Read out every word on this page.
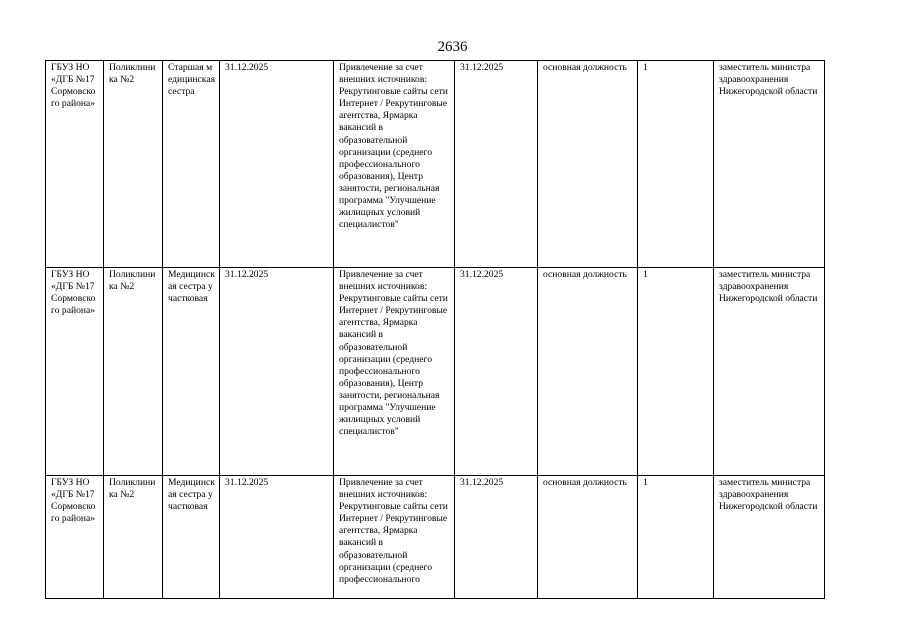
2636
ГБУЗ НО «ДГБ №17 Сормовского района»	Поликлиника №2	Старшая медицинская сестра	31.12.2025	Привлечение за счет внешних источников: Рекрутинговые сайты сети Интернет / Рекрутинговые агентства, Ярмарка вакансий в образовательной организации (среднего профессионального образования), Центр занятости, региональная программа "Улучшение жилищных условий специалистов"	31.12.2025	основная должность	1	заместитель министра здравоохранения Нижегородской области
ГБУЗ НО «ДГБ №17 Сормовского района»	Поликлиника №2	Медицинская сестра участковая	31.12.2025	Привлечение за счет внешних источников: Рекрутинговые сайты сети Интернет / Рекрутинговые агентства, Ярмарка вакансий в образовательной организации (среднего профессионального образования), Центр занятости, региональная программа "Улучшение жилищных условий специалистов"	31.12.2025	основная должность	1	заместитель министра здравоохранения Нижегородской области
ГБУЗ НО «ДГБ №17 Сормовского района»	Поликлиника №2	Медицинская сестра участковая	31.12.2025	Привлечение за счет внешних источников: Рекрутинговые сайты сети Интернет / Рекрутинговые агентства, Ярмарка вакансий в образовательной организации (среднего профессионального	31.12.2025	основная должность	1	заместитель министра здравоохранения Нижегородской области
